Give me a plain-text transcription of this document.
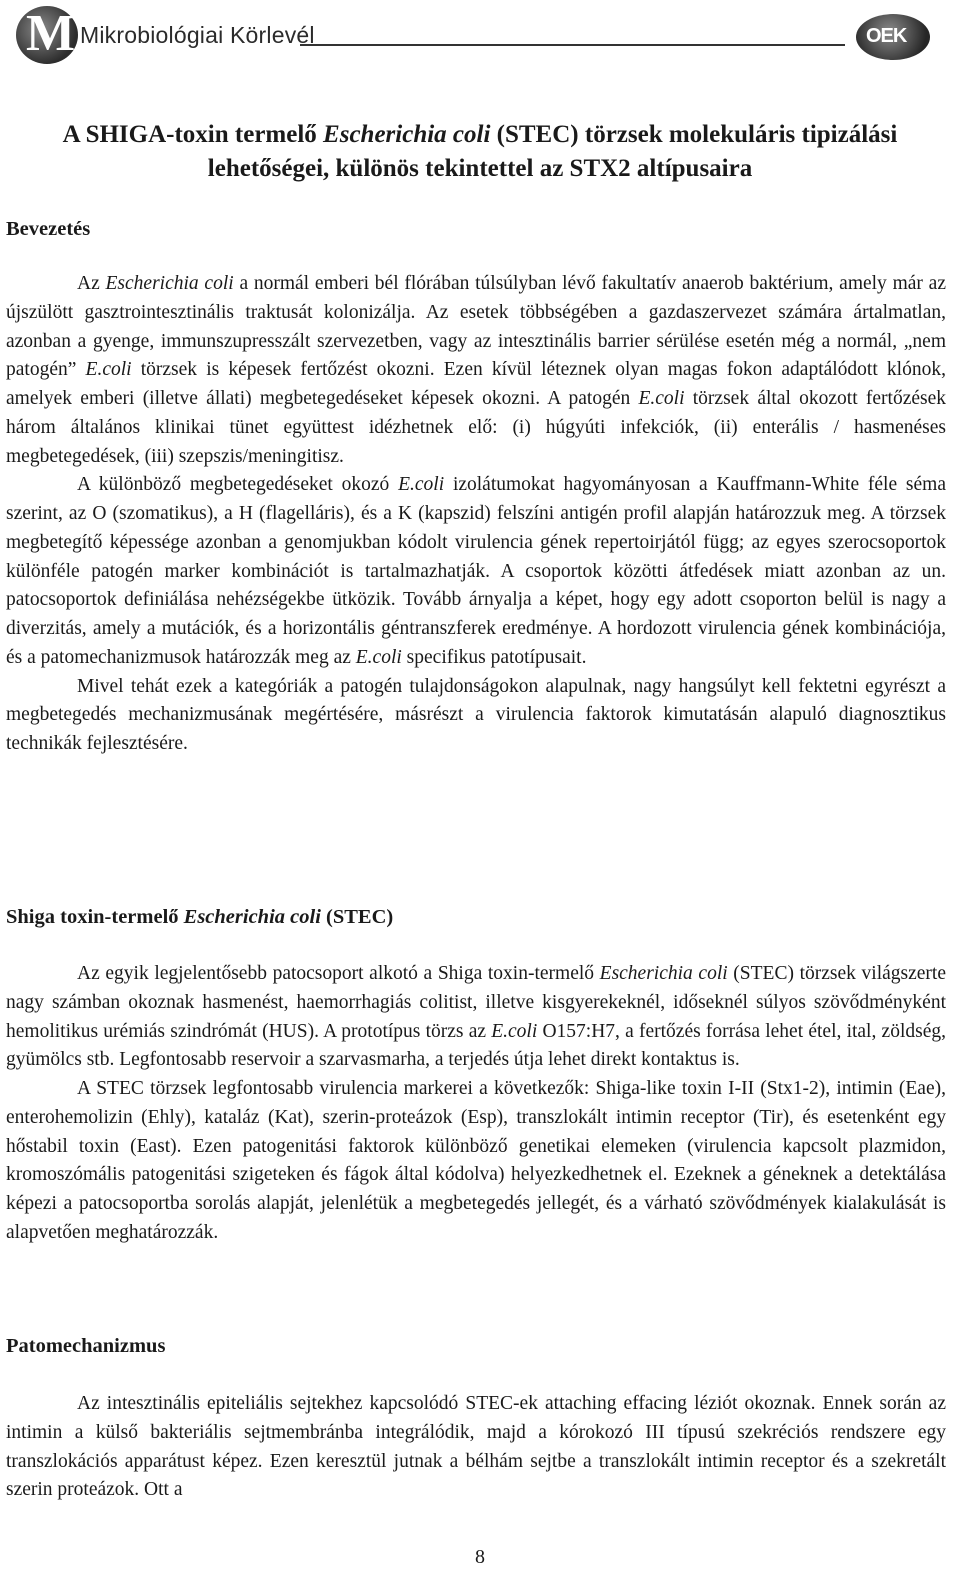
M Mikrobiológiai Körlevél	OEK
A SHIGA-toxin termelő Escherichia coli (STEC) törzsek molekuláris tipizálási lehetőségei, különös tekintettel az STX2 altípusaira
Bevezetés

Az Escherichia coli a normál emberi bél flórában túlsúlyban lévő fakultatív anaerob baktérium, amely már az újszülött gasztrointesztinális traktusát kolonizálja. Az esetek többségében a gazdaszervezet számára ártalmatlan, azonban a gyenge, immunszupresszált szervezetben, vagy az intesztinális barrier sérülése esetén még a normál, „nem patogén” E.coli törzsek is képesek fertőzést okozni. Ezen kívül léteznek olyan magas fokon adaptálódott klónok, amelyek emberi (illetve állati) megbetegedéseket képesek okozni. A patogén E.coli törzsek által okozott fertőzések három általános klinikai tünet együttest idézhetnek elő: (i) húgyúti infekciók, (ii) enterális / hasmenéses megbetegedések, (iii) szepszis/meningitisz.

A különböző megbetegedéseket okozó E.coli izolátumokat hagyományosan a Kauffmann-White féle séma szerint, az O (szomatikus), a H (flagelláris), és a K (kapszid) felszíni antigén profil alapján határozzuk meg. A törzsek megbetegítő képessége azonban a genomjukban kódolt virulencia gének repertoirjától függ; az egyes szerocsoportok különféle patogén marker kombinációt is tartalmazhatják. A csoportok közötti átfedések miatt azonban az un. patocsoportok definiálása nehézségekbe ütközik. Tovább árnyalja a képet, hogy egy adott csoporton belül is nagy a diverzitás, amely a mutációk, és a horizontális géntranszferek eredménye. A hordozott virulencia gének kombinációja, és a patomechanizmusok határozzák meg az E.coli specifikus patotípusait.

Mivel tehát ezek a kategóriák a patogén tulajdonságokon alapulnak, nagy hangsúlyt kell fektetni egyrészt a megbetegedés mechanizmusának megértésére, másrészt a virulencia faktorok kimutatásán alapuló diagnosztikus technikák fejlesztésére.

Shiga toxin-termelő Escherichia coli (STEC)

Az egyik legjelentősebb patocsoport alkotó a Shiga toxin-termelő Escherichia coli (STEC) törzsek világszerte nagy számban okoznak hasmenést, haemorrhagiás colitist, illetve kisgyerekeknél, időseknél súlyos szövődményként hemolitikus urémiás szindrómát (HUS). A prototípus törzs az E.coli O157:H7, a fertőzés forrása lehet étel, ital, zöldség, gyümölcs stb. Legfontosabb reservoir a szarvasmarha, a terjedés útja lehet direkt kontaktus is.

A STEC törzsek legfontosabb virulencia markerei a következők: Shiga-like toxin I-II (Stx1-2), intimin (Eae), enterohemolizin (Ehly), kataláz (Kat), szerin-proteázok (Esp), transzlokált intimin receptor (Tir), és esetenként egy hőstabil toxin (East). Ezen patogenitási faktorok különböző genetikai elemeken (virulencia kapcsolt plazmidon, kromoszómális patogenitási szigeteken és fágok által kódolva) helyezkedhetnek el. Ezeknek a géneknek a detektálása képezi a patocsoportba sorolás alapját, jelenlétük a megbetegedés jellegét, és a várható szövődmények kialakulását is alapvetően meghatározzák.

Patomechanizmus

Az intesztinális epiteliális sejtekhez kapcsolódó STEC-ek attaching effacing léziót okoznak. Ennek során az intimin a külső bakteriális sejtmembránba integrálódik, majd a kórokozó III típusú szekréciós rendszere egy transzlokációs apparátust képez. Ezen keresztül jutnak a bélhám sejtbe a transzlokált intimin receptor és a szekretált szerin proteázok. Ott a

8
